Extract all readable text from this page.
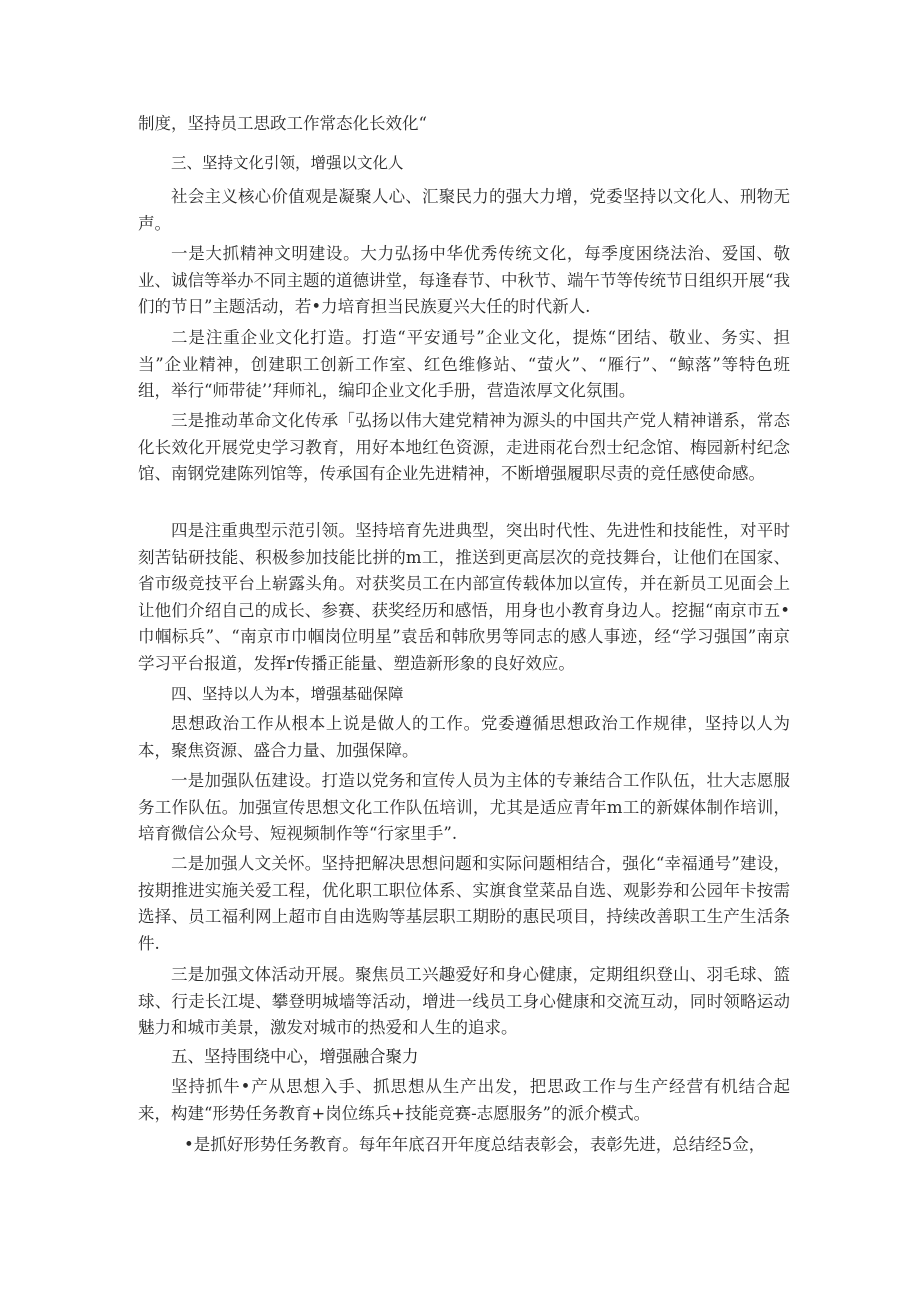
制度，坚持员工思政工作常态化长效化“

三、坚持文化引领，增强以文化人

社会主义核心价值观是凝聚人心、汇聚民力的强大力增，党委坚持以文化人、刑物无声。

一是大抓精神文明建设。大力弘扬中华优秀传统文化，每季度困绕法治、爱国、敬业、诚信等举办不同主题的道德讲堂，每逢春节、中秋节、端午节等传统节日组织开展“我们的节日”主题活动，若•力培育担当民族夏兴大任的时代新人.

二是注重企业文化打造。打造“平安通号”企业文化，提炼“团结、敬业、务实、担当”企业精神，创建职工创新工作室、红色维修站、“萤火”、“雁行”、“鲸落”等特色班组，举行“师带徒’’拜师礼，编印企业文化手册，营造浓厚文化氛围。

三是推动革命文化传承「弘扬以伟大建党精神为源头的中国共产党人精神谱系，常态化长效化开展党史学习教育，用好本地红色资源，走进雨花台烈士纪念馆、梅园新村纪念馆、南钢党建陈列馆等，传承国有企业先进精神，不断增强履职尽责的竞任感使命感。

四是注重典型示范引领。坚持培育先进典型，突出时代性、先进性和技能性，对平时刻苦钻研技能、积极参加技能比拼的m工，推送到更高层次的竞技舞台，让他们在国家、省市级竞技平台上崭露头角。对获奖员工在内部宣传载体加以宣传，并在新员工见面会上让他们介绍自己的成长、参赛、获奖经历和感悟，用身也小教育身边人。挖掘“南京市五•巾帼标兵”、“南京市巾帼岗位明星”袁岳和韩欣男等同志的感人事迹，经“学习强国”南京学习平台报道，发挥r传播正能量、塑造新形象的良好效应。

四、坚持以人为本，增强基础保障

思想政治工作从根本上说是做人的工作。党委遵循思想政治工作规律，坚持以人为本，聚焦资源、盛合力量、加强保障。

一是加强队伍建设。打造以党务和宣传人员为主体的专兼结合工作队伍，壮大志愿服务工作队伍。加强宣传思想文化工作队伍培训，尤其是适应青年m工的新媒体制作培训，培育微信公众号、短视频制作等“行家里手”.

二是加强人文关怀。坚持把解决思想问题和实际问题相结合，强化“幸福通号”建设，按期推进实施关爱工程，优化职工职位体系、实旗食堂菜品自选、观影券和公园年卡按需选择、员工福利网上超市自由选购等基层职工期盼的惠民项目，持续改善职工生产生活条件.

三是加强文体活动开展。聚焦员工兴趣爱好和身心健康，定期组织登山、羽毛球、篮球、行走长江堤、攀登明城墙等活动，增进一线员工身心健康和交流互动，同时领略运动魅力和城市美景，激发对城市的热爱和人生的追求。

五、坚持围绕中心，增强融合聚力

坚持抓牛•产从思想入手、抓思想从生产出发，把思政工作与生产经营有机结合起来，构建“形势任务教育+岗位练兵+技能竞赛-志愿服务”的派介模式。

•是抓好形势任务教育。每年年底召开年度总结表彰会，表彰先进，总结经5佥，
